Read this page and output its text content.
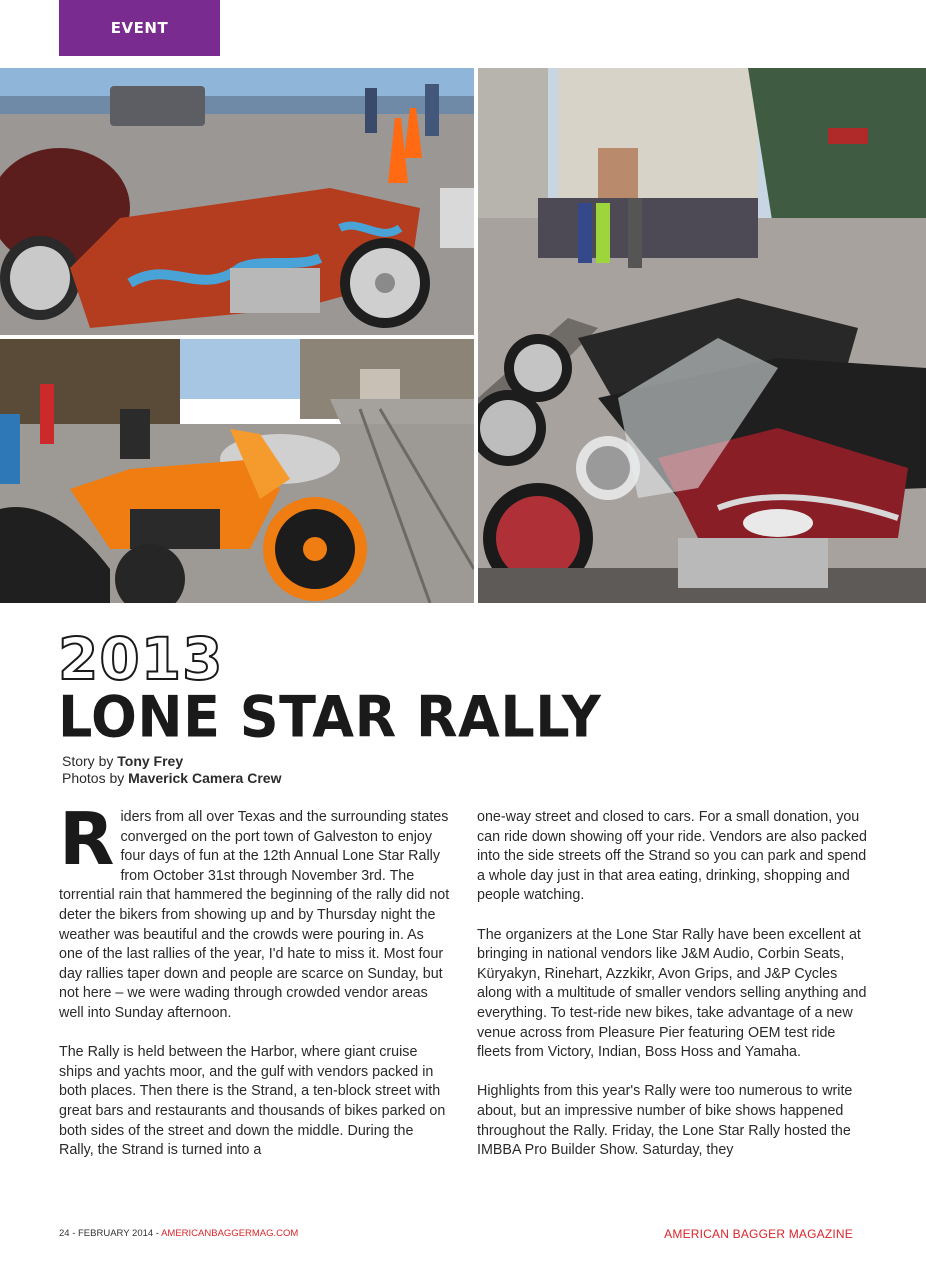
EVENT
2013
LONE STAR RALLY
Story by Tony Frey
Photos by Maverick Camera Crew

Riders from all over Texas and the surrounding states converged on the port town of Galveston to enjoy four days of fun at the 12th Annual Lone Star Rally from October 31st through November 3rd. The torrential rain that hammered the beginning of the rally did not deter the bikers from showing up and by Thursday night the weather was beautiful and the crowds were pouring in. As one of the last rallies of the year, I'd hate to miss it. Most four day rallies taper down and people are scarce on Sunday, but not here – we were wading through crowded vendor areas well into Sunday afternoon.

The Rally is held between the Harbor, where giant cruise ships and yachts moor, and the gulf with vendors packed in both places. Then there is the Strand, a ten-block street with great bars and restaurants and thousands of bikes parked on both sides of the street and down the middle. During the Rally, the Strand is turned into a

one-way street and closed to cars. For a small donation, you can ride down showing off your ride. Vendors are also packed into the side streets off the Strand so you can park and spend a whole day just in that area eating, drinking, shopping and people watching.

The organizers at the Lone Star Rally have been excellent at bringing in national vendors like J&M Audio, Corbin Seats, Küryakyn, Rinehart, Azzkikr, Avon Grips, and J&P Cycles along with a multitude of smaller vendors selling anything and everything. To test-ride new bikes, take advantage of a new venue across from Pleasure Pier featuring OEM test ride fleets from Victory, Indian, Boss Hoss and Yamaha.

Highlights from this year's Rally were too numerous to write about, but an impressive number of bike shows happened throughout the Rally. Friday, the Lone Star Rally hosted the IMBBA Pro Builder Show. Saturday, they

24 - FEBRUARY 2014 - AMERICANBAGGERMAG.COM	AMERICAN BAGGER MAGAZINE
